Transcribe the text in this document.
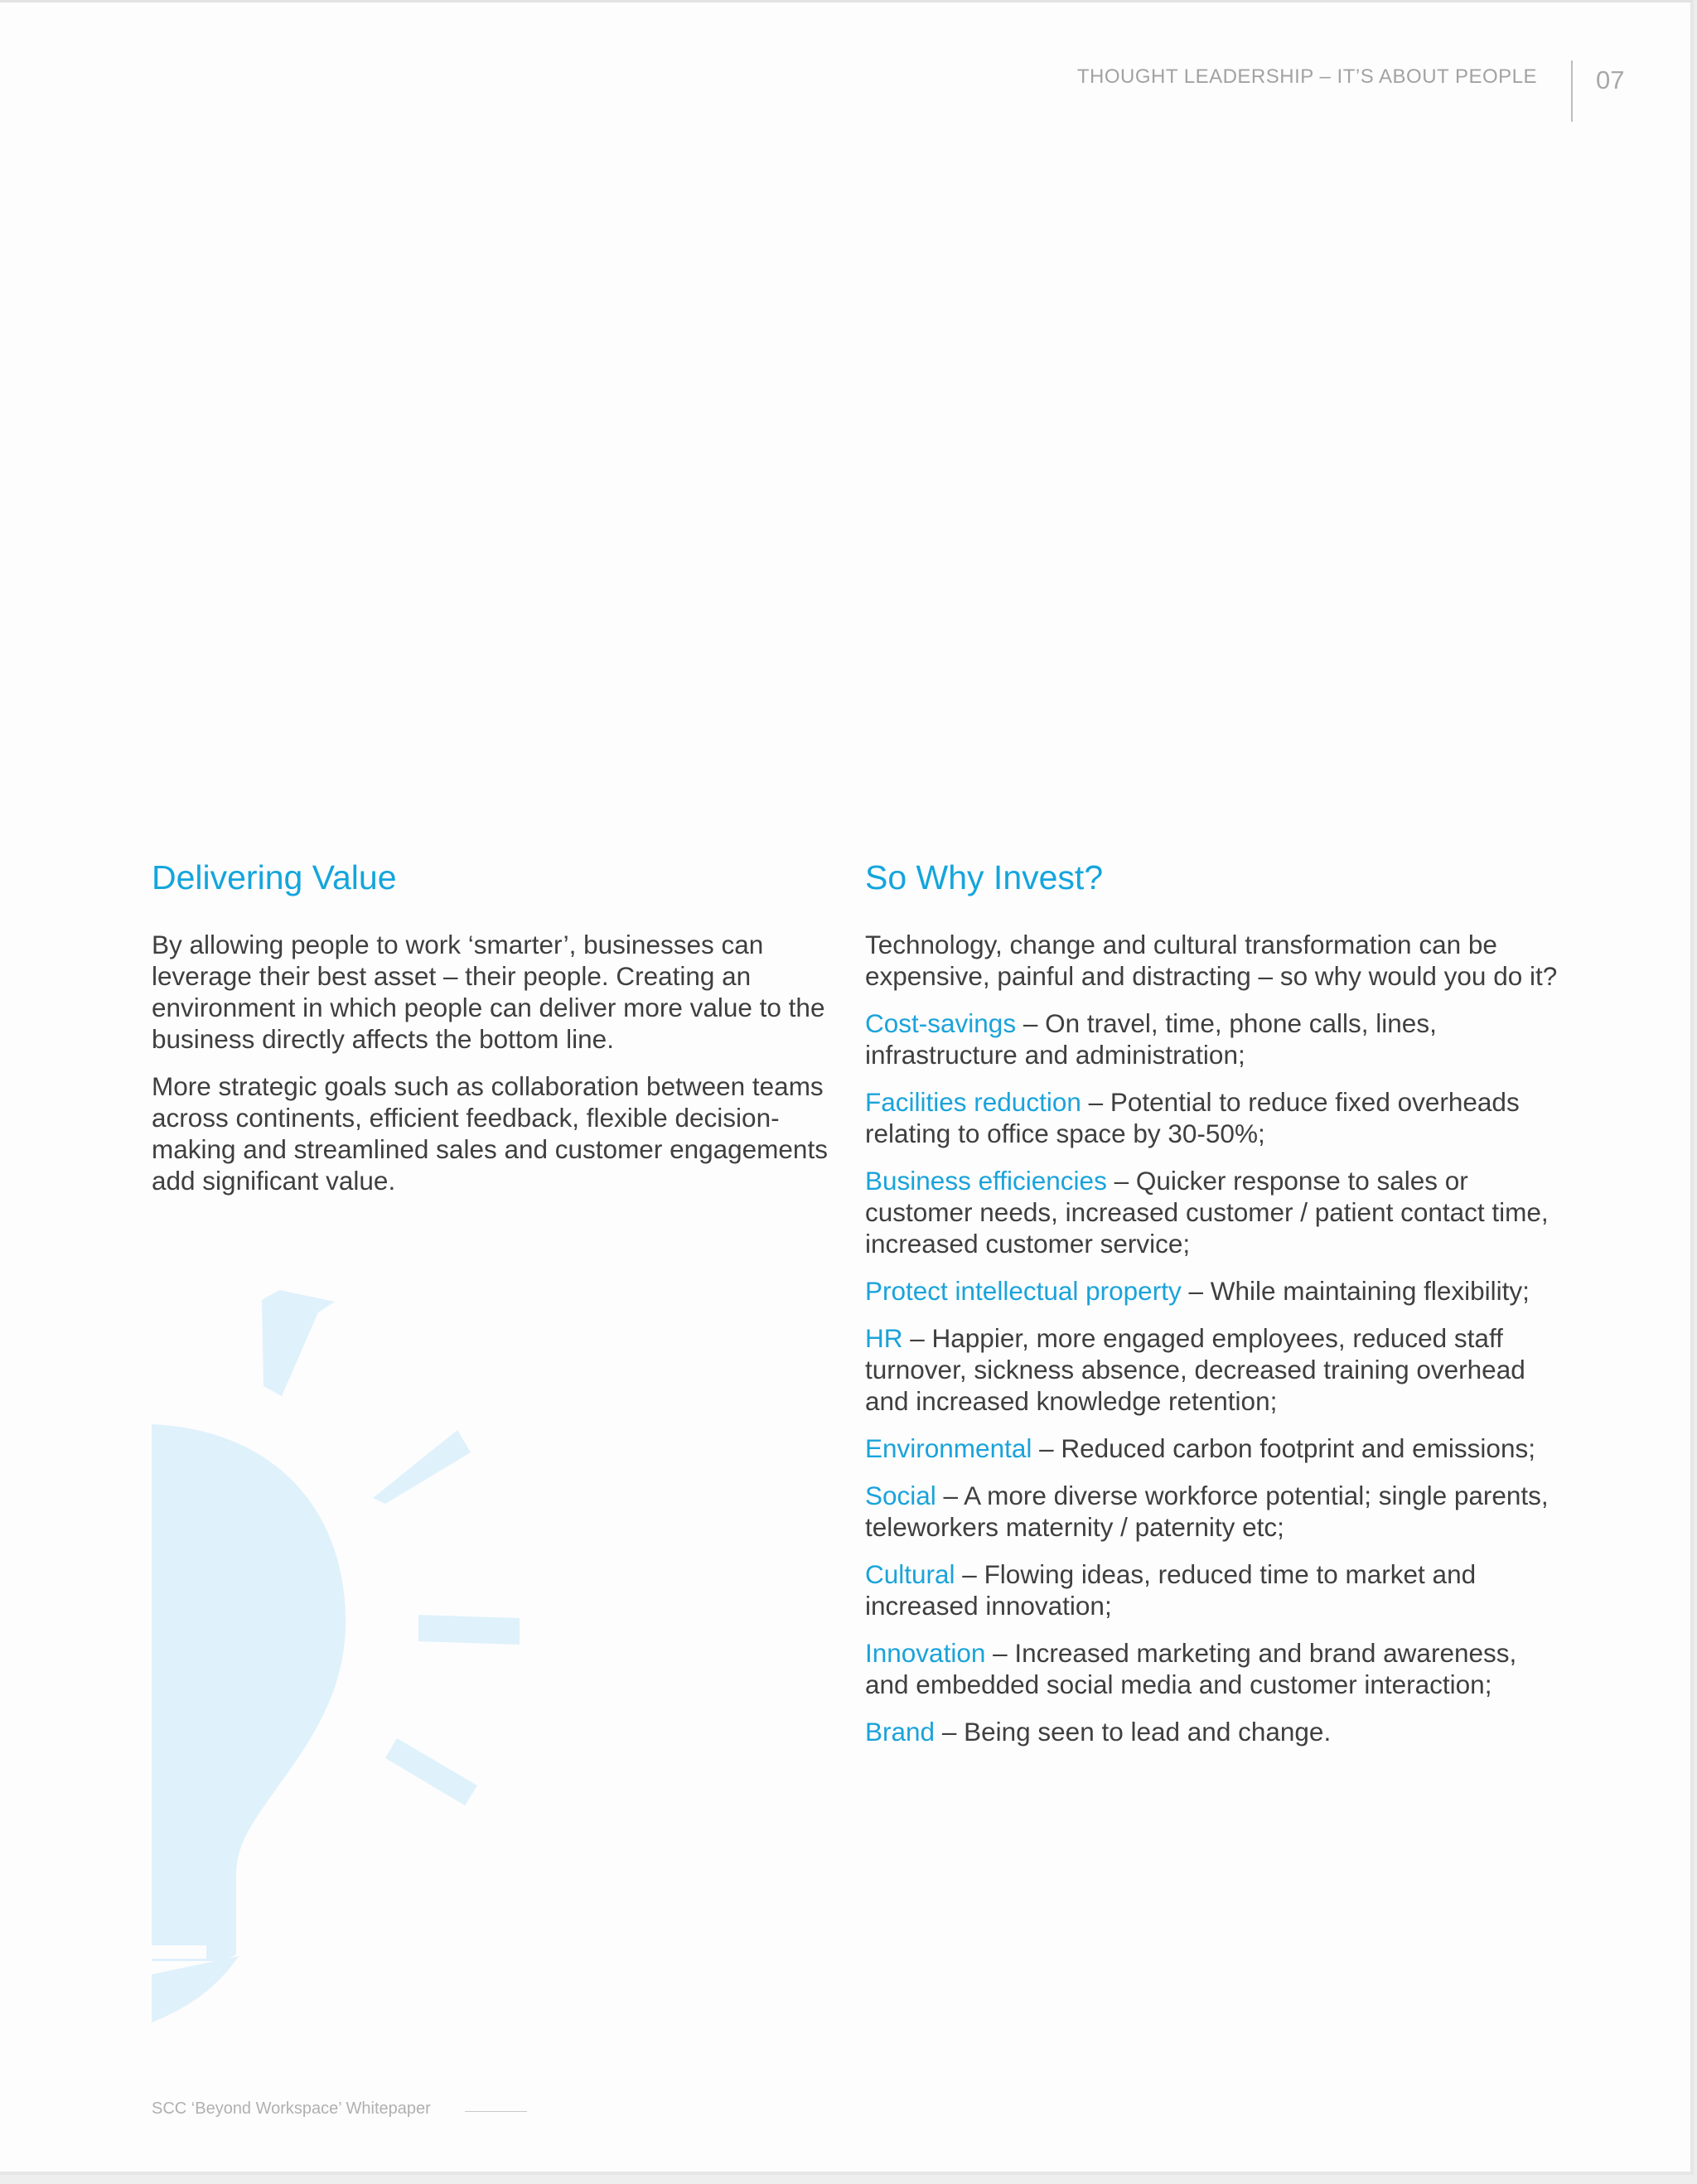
THOUGHT LEADERSHIP – IT’S ABOUT PEOPLE 07
Delivering Value

By allowing people to work ‘smarter’, businesses can leverage their best asset – their people. Creating an environment in which people can deliver more value to the business directly affects the bottom line.

More strategic goals such as collaboration between teams across continents, efficient feedback, flexible decision-making and streamlined sales and customer engagements add significant value.

So Why Invest?

Technology, change and cultural transformation can be expensive, painful and distracting – so why would you do it?

Cost-savings – On travel, time, phone calls, lines, infrastructure and administration;

Facilities reduction – Potential to reduce fixed overheads relating to office space by 30-50%;

Business efficiencies – Quicker response to sales or customer needs, increased customer / patient contact time, increased customer service;

Protect intellectual property – While maintaining flexibility;

HR – Happier, more engaged employees, reduced staff turnover, sickness absence, decreased training overhead and increased knowledge retention;

Environmental – Reduced carbon footprint and emissions;

Social – A more diverse workforce potential; single parents, teleworkers maternity / paternity etc;

Cultural – Flowing ideas, reduced time to market and increased innovation;

Innovation – Increased marketing and brand awareness, and embedded social media and customer interaction;

Brand – Being seen to lead and change.

SCC ‘Beyond Workspace’ Whitepaper
